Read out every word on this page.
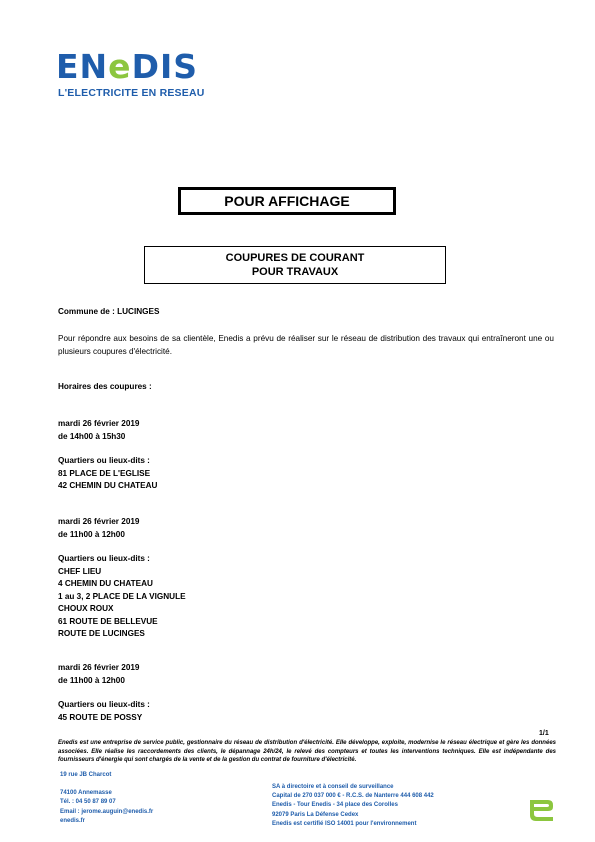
ENeDIS
L'ELECTRICITE EN RESEAU
POUR AFFICHAGE
COUPURES DE COURANT
POUR TRAVAUX
Commune de : LUCINGES
Pour répondre aux besoins de sa clientèle, Enedis a prévu de réaliser sur le réseau de distribution des travaux qui entraîneront une ou plusieurs coupures d'électricité.
Horaires des coupures :
mardi 26 février 2019
de 14h00 à 15h30
Quartiers ou lieux-dits :
81 PLACE DE L'EGLISE
42 CHEMIN DU CHATEAU
mardi 26 février 2019
de 11h00 à 12h00
Quartiers ou lieux-dits :
CHEF LIEU
4 CHEMIN DU CHATEAU
1 au 3, 2 PLACE DE LA VIGNULE
CHOUX ROUX
61 ROUTE DE BELLEVUE
ROUTE DE LUCINGES
mardi 26 février 2019
de 11h00 à 12h00
Quartiers ou lieux-dits :
45 ROUTE DE POSSY
1/1
Enedis est une entreprise de service public, gestionnaire du réseau de distribution d'électricité. Elle développe, exploite, modernise le réseau électrique et gère les données associées. Elle réalise les raccordements des clients, le dépannage 24h/24, le relevé des compteurs et toutes les interventions techniques. Elle est indépendante des fournisseurs d'énergie qui sont chargés de la vente et de la gestion du contrat de fourniture d'électricité.
19 rue JB Charcot
74100 Annemasse
Tél. : 04 50 87 89 07
Email : jerome.auguin@enedis.fr
enedis.fr
SA à directoire et à conseil de surveillance
Capital de 270 037 000 € - R.C.S. de Nanterre 444 608 442
Enedis - Tour Enedis - 34 place des Corolles
92079 Paris La Défense Cedex
Enedis est certifié ISO 14001 pour l'environnement
